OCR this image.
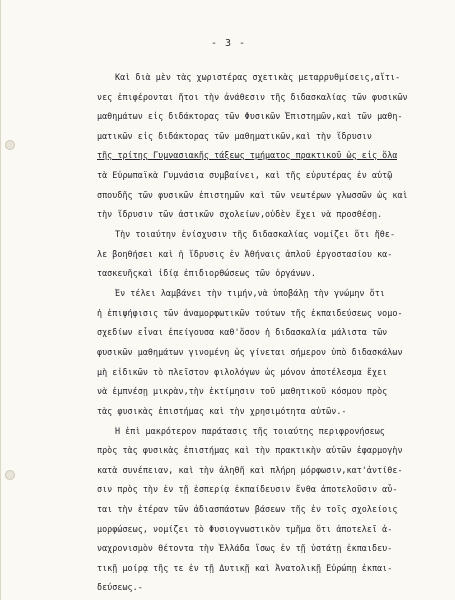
- 3 -
Καὶ διὰ μὲν τὰς χωριστέρας σχετικὰς μεταρρυθμίσεις,αἵτι-
νες ἐπιφέρονται ἤτοι τὴν ἀνάθεσιν τῆς διδασκαλίας τῶν φυσικῶν
μαθημάτων εἰς διδάκτορας τῶν Φυσικῶν Ἐπιστημῶν,καὶ τῶν μαθη-
ματικῶν εἰς διδάκτορας τῶν μαθηματικῶν,καὶ τὴν ἵδρυσιν
τῆς τρίτης Γυμνασιακῆς τάξεως τμήματος πρακτικοῦ ὡς εἰς ὅλα
τὰ Εὐρωπαϊκὰ Γυμνάσια συμβαίνει, καὶ τῆς εὐρυτέρας ἐν αὐτῷ
σπουδῆς τῶν φυσικῶν ἐπιστημῶν καὶ τῶν νεωτέρων γλωσσῶν ὡς καὶ
τὴν ἵδρυσιν τῶν ἀστικῶν σχολείων,οὐδὲν ἔχει νὰ προσθέσῃ.
Τὴν τοιαύτην ἐνίσχυσιν τῆς διδασκαλίας νομίζει ὅτι ἤθε-
λε βοηθήσει καὶ ἡ ἵδρυσις ἐν Ἀθήναις ἁπλοῦ ἐργοστασίου κα-
τασκευῆςκαὶ ἰδίᾳ ἐπιδιορθώσεως τῶν ὀργάνων.
Ἐν τέλει λαμβάνει τὴν τιμήν,νὰ ὑποβάλῃ τὴν γνώμην ὅτι
ἡ ἐπιψήφισις τῶν ἀναμορφωτικῶν τούτων τῆς ἐκπαιδεύσεως νομο-
σχεδίων εἶναι ἐπείγουσα καθ'ὅσον ἡ διδασκαλία μάλιστα τῶν
φυσικῶν μαθημάτων γινομένη ὡς γίνεται σήμερον ὑπὸ διδασκάλων
μὴ εἰδικῶν τὸ πλεῖστον φιλολόγων ὡς μόνον ἀποτέλεσμα ἔχει
νὰ ἐμπνέσῃ μικρὰν,τὴν ἐκτίμησιν τοῦ μαθητικοῦ κόσμου πρὸς
τὰς φυσικὰς ἐπιστήμας καὶ τὴν χρησιμότητα αὐτῶν.-
Ἡ ἐπὶ μακρότερον παράτασις τῆς τοιαύτης περιφρονήσεως
πρὸς τὰς φυσικὰς ἐπιστήμας καὶ τὴν πρακτικὴν αὐτῶν ἐφαρμογὴν
κατὰ συνέπειαν, καὶ τὴν ἀληθῆ καὶ πλήρη μόρφωσιν,κατ'ἀντίθε-
σιν πρὸς τὴν ἐν τῇ ἑσπερίᾳ ἐκπαίδευσιν ἔνθα ἀποτελοῦσιν αὗ-
ται τὴν ἑτέραν τῶν ἀδιασπάστων βάσεων τῆς ἐν τοῖς σχολείοις
μορφώσεως, νομίζει τὸ Φυσιογνωστικὸν τμῆμα ὅτι ἀποτελεῖ ἀ-
ναχρονισμὸν θέτοντα τὴν Ἑλλάδα ἴσως ἐν τῇ ὑστάτῃ ἐκπαιδευ-
τικῇ μοίρᾳ τῆς τε ἐν τῇ Δυτικῇ καὶ Ἀνατολικῇ Εὐρώπῃ ἐκπαι-
δεύσεως.-
